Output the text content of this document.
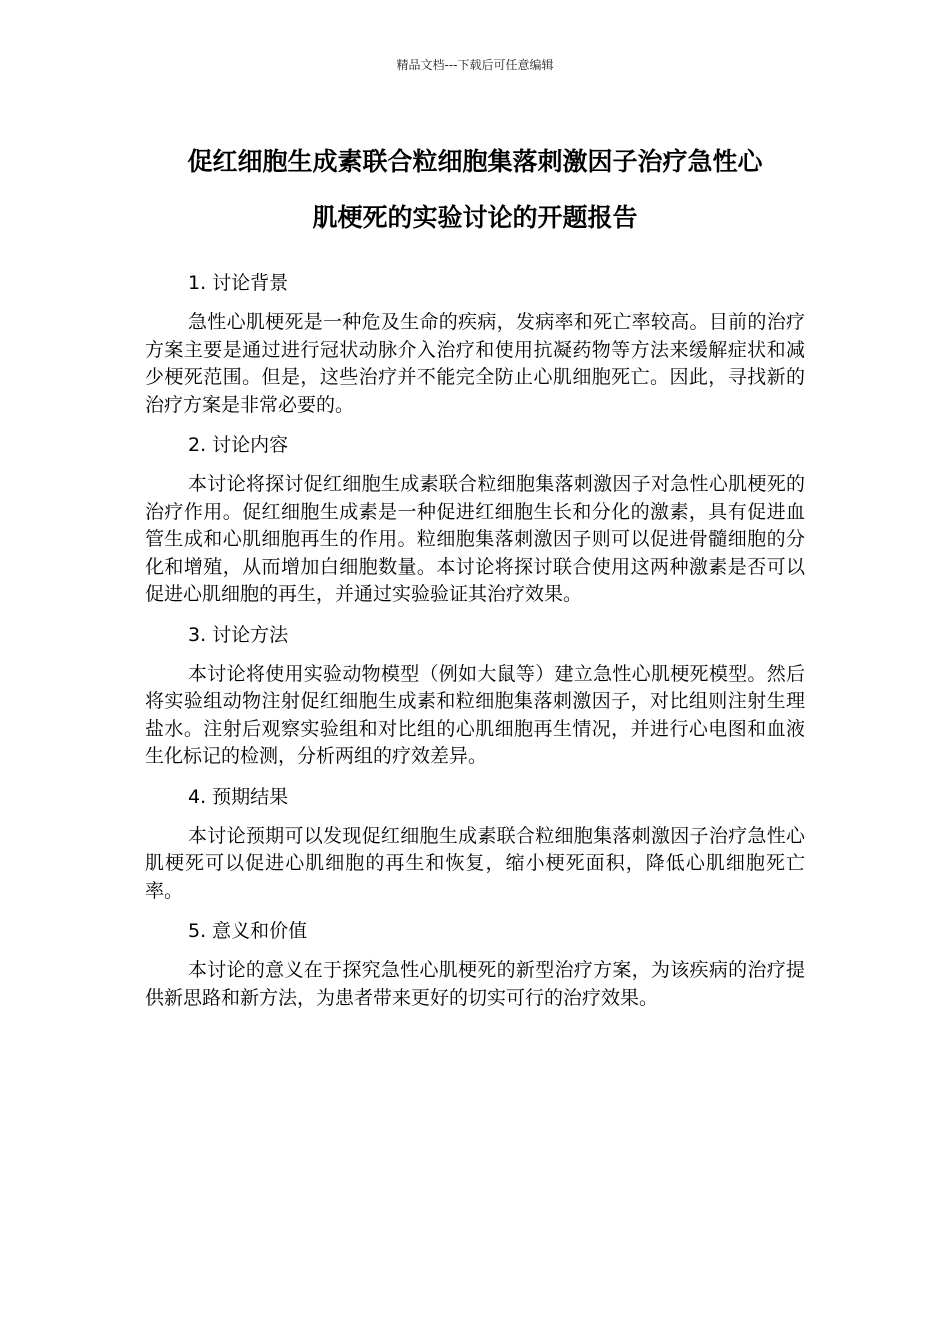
精品文档---下载后可任意编辑
促红细胞生成素联合粒细胞集落刺激因子治疗急性心
肌梗死的实验讨论的开题报告
1. 讨论背景

急性心肌梗死是一种危及生命的疾病，发病率和死亡率较高。目前的治疗方案主要是通过进行冠状动脉介入治疗和使用抗凝药物等方法来缓解症状和减少梗死范围。但是，这些治疗并不能完全防止心肌细胞死亡。因此，寻找新的治疗方案是非常必要的。

2. 讨论内容

本讨论将探讨促红细胞生成素联合粒细胞集落刺激因子对急性心肌梗死的治疗作用。促红细胞生成素是一种促进红细胞生长和分化的激素，具有促进血管生成和心肌细胞再生的作用。粒细胞集落刺激因子则可以促进骨髓细胞的分化和增殖，从而增加白细胞数量。本讨论将探讨联合使用这两种激素是否可以促进心肌细胞的再生，并通过实验验证其治疗效果。

3. 讨论方法

本讨论将使用实验动物模型（例如大鼠等）建立急性心肌梗死模型。然后将实验组动物注射促红细胞生成素和粒细胞集落刺激因子，对比组则注射生理盐水。注射后观察实验组和对比组的心肌细胞再生情况，并进行心电图和血液生化标记的检测，分析两组的疗效差异。

4. 预期结果

本讨论预期可以发现促红细胞生成素联合粒细胞集落刺激因子治疗急性心肌梗死可以促进心肌细胞的再生和恢复，缩小梗死面积，降低心肌细胞死亡率。

5. 意义和价值

本讨论的意义在于探究急性心肌梗死的新型治疗方案，为该疾病的治疗提供新思路和新方法，为患者带来更好的切实可行的治疗效果。
